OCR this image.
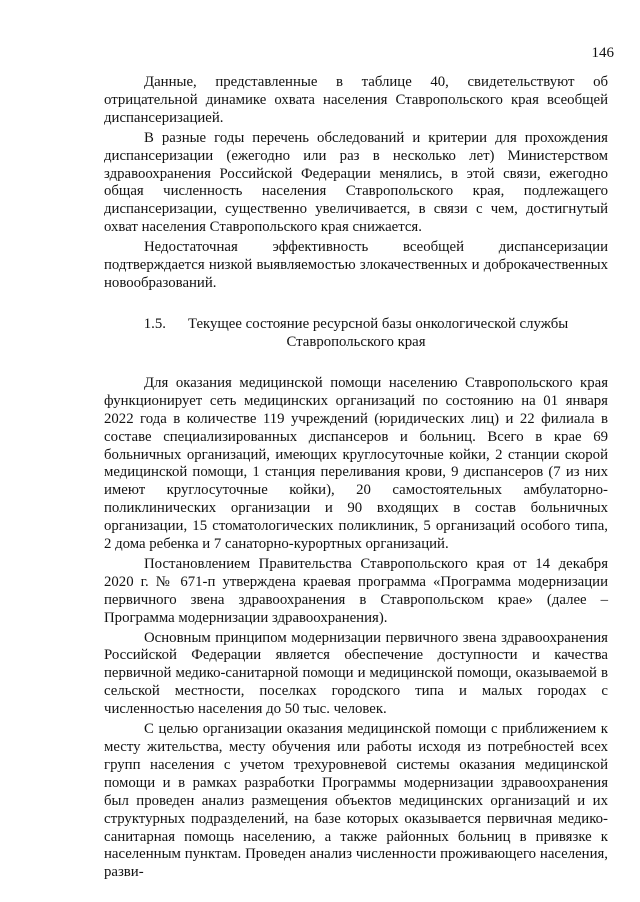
146

Данные, представленные в таблице 40, свидетельствуют об отрицательной динамике охвата населения Ставропольского края всеобщей диспансеризацией.

В разные годы перечень обследований и критерии для прохождения диспансеризации (ежегодно или раз в несколько лет) Министерством здравоохранения Российской Федерации менялись, в этой связи, ежегодно общая численность населения Ставропольского края, подлежащего диспансеризации, существенно увеличивается, в связи с чем, достигнутый охват населения Ставропольского края снижается.

Недостаточная эффективность всеобщей диспансеризации подтверждается низкой выявляемостью злокачественных и доброкачественных новообразований.

1.5. Текущее состояние ресурсной базы онкологической службы
Ставропольского края

Для оказания медицинской помощи населению Ставропольского края функционирует сеть медицинских организаций по состоянию на 01 января 2022 года в количестве 119 учреждений (юридических лиц) и 22 филиала в составе специализированных диспансеров и больниц. Всего в крае 69 больничных организаций, имеющих круглосуточные койки, 2 станции скорой медицинской помощи, 1 станция переливания крови, 9 диспансеров (7 из них имеют круглосуточные койки), 20 самостоятельных амбулаторно-поликлинических организации и 90 входящих в состав больничных организации, 15 стоматологических поликлиник, 5 организаций особого типа, 2 дома ребенка и 7 санаторно-курортных организаций.

Постановлением Правительства Ставропольского края от 14 декабря 2020 г. № 671-п утверждена краевая программа «Программа модернизации первичного звена здравоохранения в Ставропольском крае» (далее – Программа модернизации здравоохранения).

Основным принципом модернизации первичного звена здравоохранения Российской Федерации является обеспечение доступности и качества первичной медико-санитарной помощи и медицинской помощи, оказываемой в сельской местности, поселках городского типа и малых городах с численностью населения до 50 тыс. человек.

С целью организации оказания медицинской помощи с приближением к месту жительства, месту обучения или работы исходя из потребностей всех групп населения с учетом трехуровневой системы оказания медицинской помощи и в рамках разработки Программы модернизации здравоохранения был проведен анализ размещения объектов медицинских организаций и их структурных подразделений, на базе которых оказывается первичная медико-санитарная помощь населению, а также районных больниц в привязке к населенным пунктам. Проведен анализ численности проживающего населения, разви-
